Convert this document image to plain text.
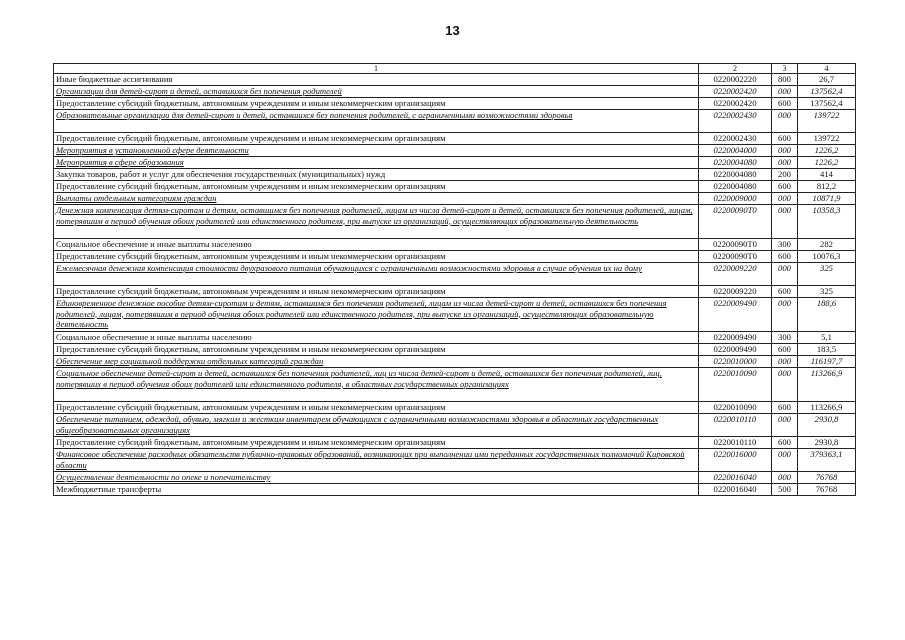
13
1	2	3	4
Иные бюджетные ассигнования	0220002220	800	26,7
Организации для детей-сирот и детей, оставшихся без попечения родителей	0220002420	000	137562,4
Предоставление субсидий бюджетным, автономным учреждениям и иным некоммерческим организациям	0220002420	600	137562,4
Образовательные организации для детей-сирот и детей, оставшихся без попечения родителей, с ограниченными возможностями здоровья	0220002430	000	139722
Предоставление субсидий бюджетным, автономным учреждениям и иным некоммерческим организациям	0220002430	600	139722
Мероприятия в установленной сфере деятельности	0220004000	000	1226,2
Мероприятия в сфере образования	0220004080	000	1226,2
Закупка товаров, работ и услуг для обеспечения государственных (муниципальных) нужд	0220004080	200	414
Предоставление субсидий бюджетным, автономным учреждениям и иным некоммерческим организациям	0220004080	600	812,2
Выплаты отдельным категориям граждан	0220009000	000	10871,9
Денежная компенсация детям-сиротам и детям, оставшимся без попечения родителей, лицам из числа детей-сирот и детей, оставшихся без попечения родителей, лицам, потерявшим в период обучения обоих родителей или единственного родителя, при выпуске из организаций, осуществляющих образовательную деятельность	02200090Т0	000	10358,3
Социальное обеспечение и иные выплаты населению	02200090Т0	300	282
Предоставление субсидий бюджетным, автономным учреждениям и иным некоммерческим организациям	02200090Т0	600	10076,3
Ежемесячная денежная компенсация стоимости двухразового питания обучающихся с ограниченными возможностями здоровья в случае обучения их на дому	0220009220	000	325
Предоставление субсидий бюджетным, автономным учреждениям и иным некоммерческим организациям	0220009220	600	325
Единовременное денежное пособие детям-сиротам и детям, оставшимся без попечения родителей, лицам из числа детей-сирот и детей, оставшихся без попечения родителей, лицам, потерявшим в период обучения обоих родителей или единственного родителя, при выпуске из организаций, осуществляющих образовательную деятельность	0220009490	000	188,6
Социальное обеспечение и иные выплаты населению	0220009490	300	5,1
Предоставление субсидий бюджетным, автономным учреждениям и иным некоммерческим организациям	0220009490	600	183,5
Обеспечение мер социальной поддержки отдельных категорий граждан	0220010000	000	116197,7
Социальное обеспечение детей-сирот и детей, оставшихся без попечения родителей, лиц из числа детей-сирот и детей, оставшихся без попечения родителей, лиц, потерявших в период обучения обоих родителей или единственного родителя, в областных государственных организациях	0220010090	000	113266,9
Предоставление субсидий бюджетным, автономным учреждениям и иным некоммерческим организациям	0220010090	600	113266,9
Обеспечение питанием, одеждой, обувью, мягким и жестким инвентарем обучающихся с ограниченными возможностями здоровья в областных государственных общеобразовательных организациях	0220010110	000	2930,8
Предоставление субсидий бюджетным, автономным учреждениям и иным некоммерческим организациям	0220010110	600	2930,8
Финансовое обеспечение расходных обязательств публично-правовых образований, возникающих при выполнении ими переданных государственных полномочий Кировской области	0220016000	000	379363,1
Осуществление деятельности по опеке и попечительству	0220016040	000	76768
Межбюджетные трансферты	0220016040	500	76768
